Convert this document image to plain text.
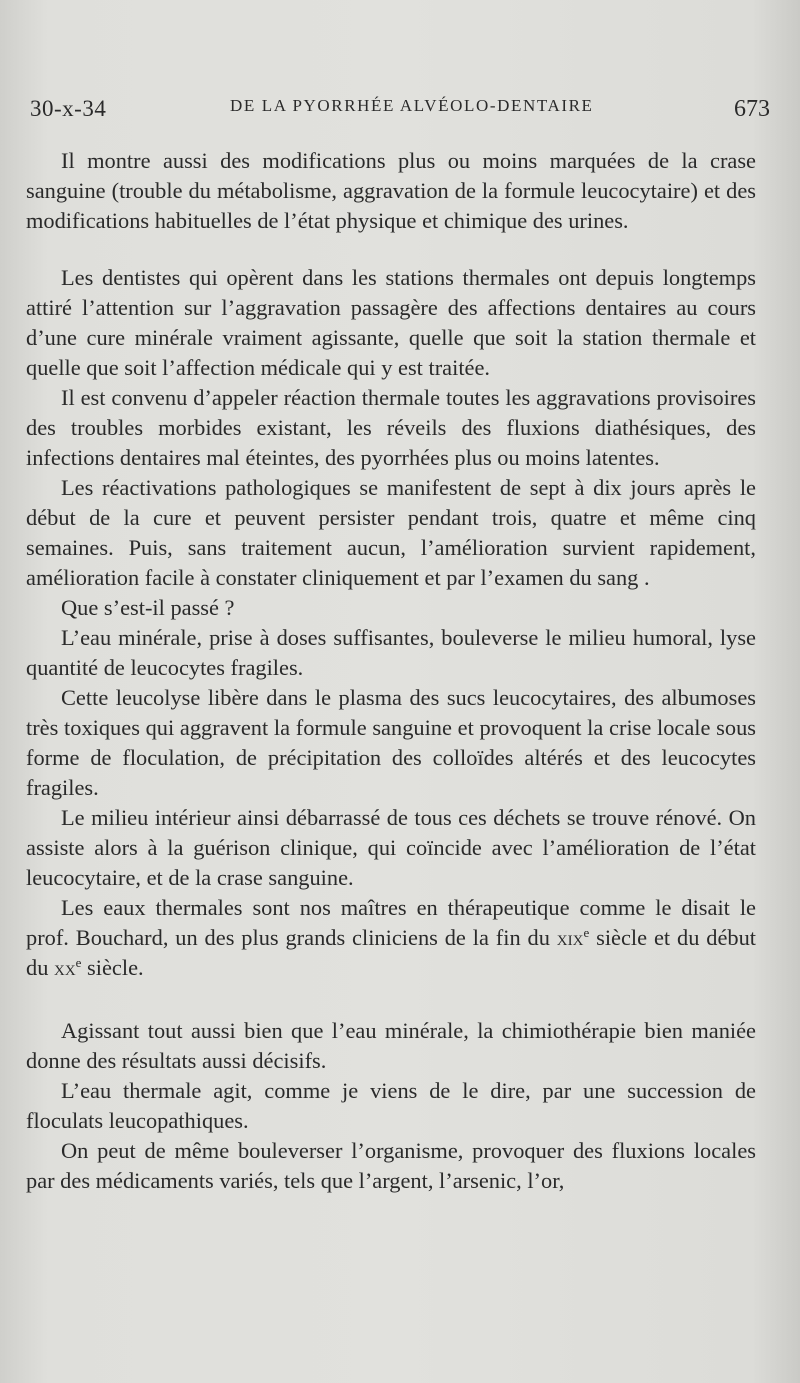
30-x-34	DE LA PYORRHÉE ALVÉOLO-DENTAIRE	673

Il montre aussi des modifications plus ou moins marquées de la crase sanguine (trouble du métabolisme, aggravation de la formule leucocytaire) et des modifications habituelles de l’état physique et chimique des urines.

Les dentistes qui opèrent dans les stations thermales ont depuis longtemps attiré l’attention sur l’aggravation passagère des affections dentaires au cours d’une cure minérale vraiment agissante, quelle que soit la station thermale et quelle que soit l’affection médicale qui y est traitée.

Il est convenu d’appeler réaction thermale toutes les aggravations provisoires des troubles morbides existant, les réveils des fluxions diathésiques, des infections dentaires mal éteintes, des pyorrhées plus ou moins latentes.

Les réactivations pathologiques se manifestent de sept à dix jours après le début de la cure et peuvent persister pendant trois, quatre et même cinq semaines. Puis, sans traitement aucun, l’amélioration survient rapidement, amélioration facile à constater cliniquement et par l’examen du sang .

Que s’est-il passé ?

L’eau minérale, prise à doses suffisantes, bouleverse le milieu humoral, lyse quantité de leucocytes fragiles.

Cette leucolyse libère dans le plasma des sucs leucocytaires, des albumoses très toxiques qui aggravent la formule sanguine et provoquent la crise locale sous forme de floculation, de précipitation des colloïdes altérés et des leucocytes fragiles.

Le milieu intérieur ainsi débarrassé de tous ces déchets se trouve rénové. On assiste alors à la guérison clinique, qui coïncide avec l’amélioration de l’état leucocytaire, et de la crase sanguine.

Les eaux thermales sont nos maîtres en thérapeutique comme le disait le prof. Bouchard, un des plus grands cliniciens de la fin du xix$^e$ siècle et du début du $xx^e$ siècle.

Agissant tout aussi bien que l’eau minérale, la chimiothérapie bien maniée donne des résultats aussi décisifs.

L’eau thermale agit, comme je viens de le dire, par une succession de floculats leucopathiques.

On peut de même bouleverser l’organisme, provoquer des fluxions locales par des médicaments variés, tels que l’argent, l’arsenic, l’or,
